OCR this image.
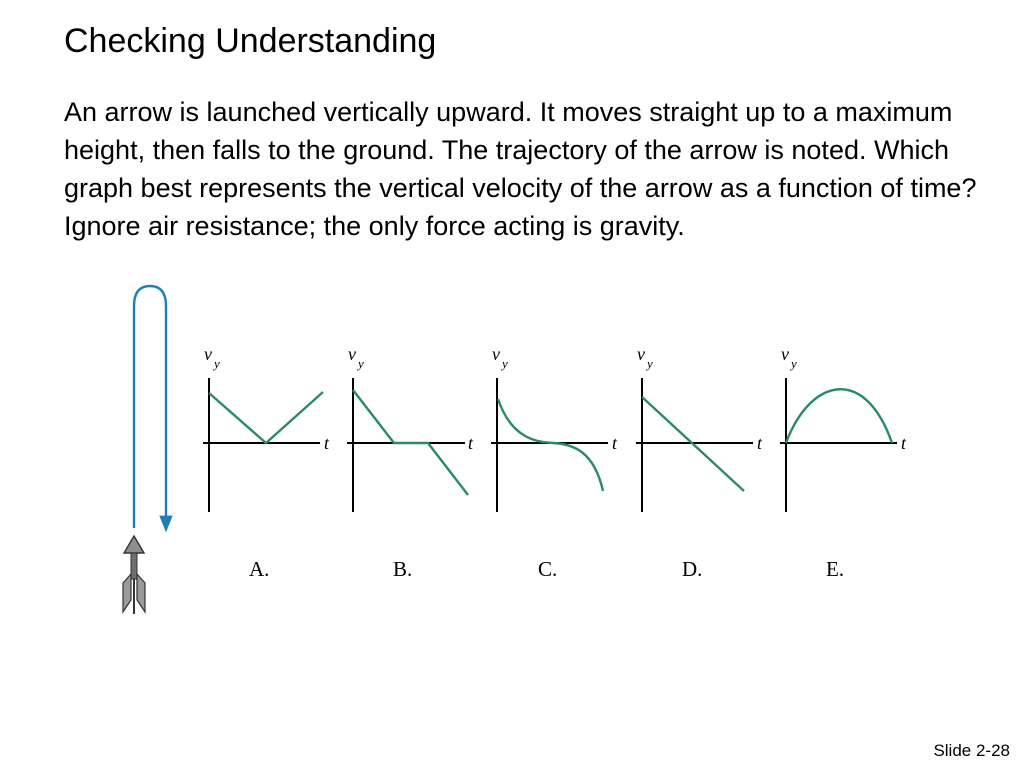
Checking Understanding

An arrow is launched vertically upward. It moves straight up to a maximum height, then falls to the ground. The trajectory of the arrow is noted. Which graph best represents the vertical velocity of the arrow as a function of time? Ignore air resistance; the only force acting is gravity.

v y
t
A.
v y
t
B.
v y
t
C.
v y
t
D.
v y
t
E.
Slide 2-28
